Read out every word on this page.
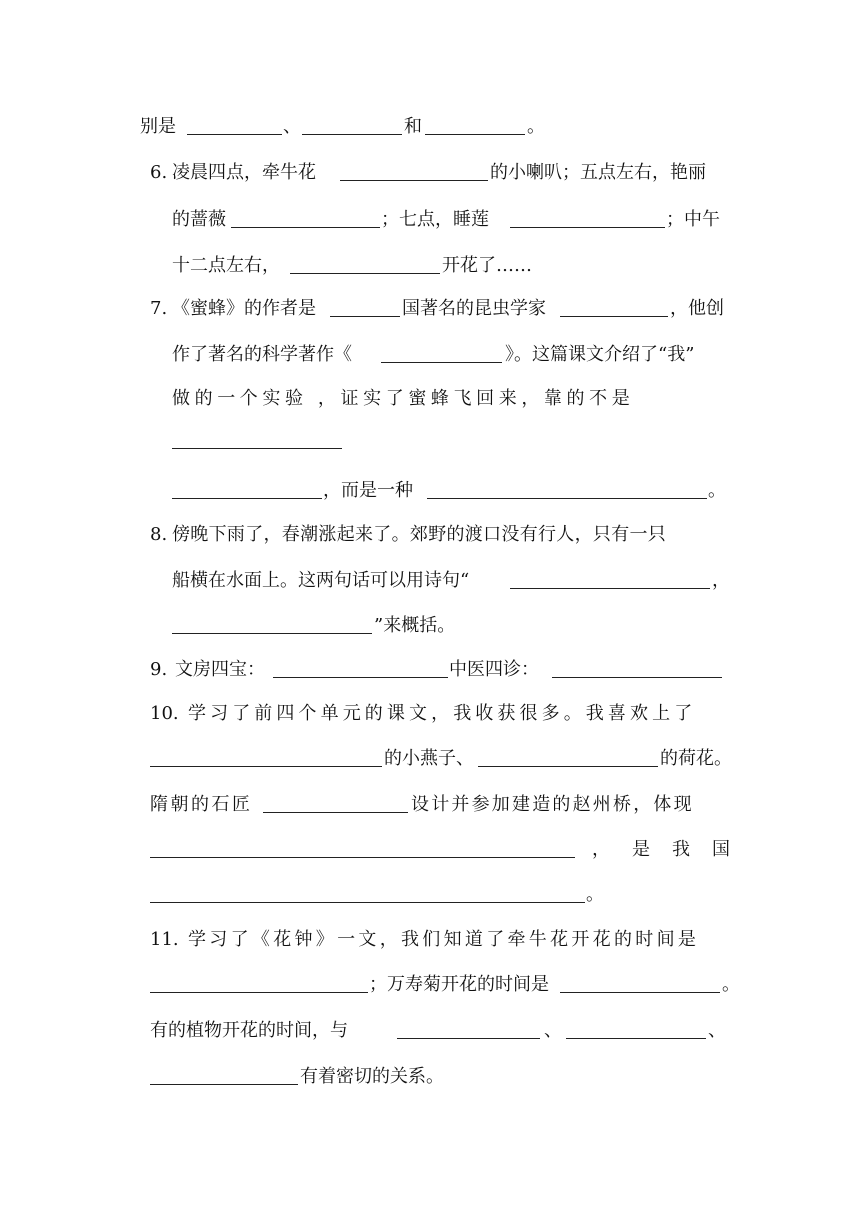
别是	、	和	。
6. 凌晨四点，牵牛花	的小喇叭；五点左右，艳丽
的蔷薇	；七点，睡莲	；中午
十二点左右，	开花了……
7. 《蜜蜂》的作者是	国著名的昆虫学家	，他创
作了著名的科学著作《	》。这篇课文介绍了“我”
做的一个实验 ，证实了蜜蜂飞回来，靠的不是
，而是一种	。
8. 傍晚下雨了，春潮涨起来了。郊野的渡口没有行人，只有一只
船横在水面上。这两句话可以用诗句“	，
”来概括。
9. 文房四宝：	中医四诊：
10. 学习了前四个单元的课文，我收获很多。我喜欢上了
的小燕子、	的荷花。
隋朝的石匠	设计并参加建造的赵州桥，体现
，是我国
。
11. 学习了《花钟》一文，我们知道了牵牛花开花的时间是
；万寿菊开花的时间是	。
有的植物开花的时间，与	、	、
有着密切的关系。
